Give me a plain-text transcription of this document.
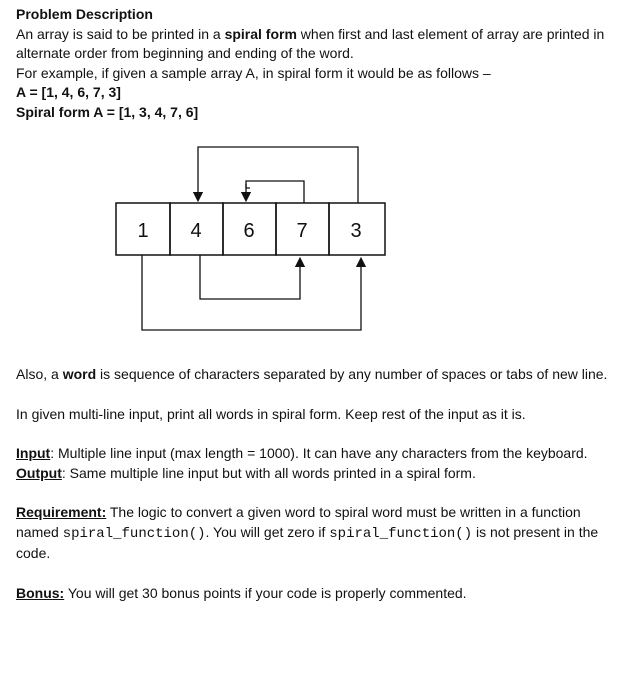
1 4 6 7 3
Problem Description
An array is said to be printed in a spiral form when first and last element of array are printed in
alternate order from beginning and ending of the word.
For example, if given a sample array A, in spiral form it would be as follows –
A = [1, 4, 6, 7, 3]
Spiral form A = [1, 3, 4, 7, 6]
Also, a word is sequence of characters separated by any number of spaces or tabs of new line.
In given multi-line input, print all words in spiral form. Keep rest of the input as it is.
Input: Multiple line input (max length = 1000). It can have any characters from the keyboard.
Output: Same multiple line input but with all words printed in a spiral form.
Requirement: The logic to convert a given word to spiral word must be written in a function
named spiral_function(). You will get zero if spiral_function() is not present in the
code.
Bonus: You will get 30 bonus points if your code is properly commented.
